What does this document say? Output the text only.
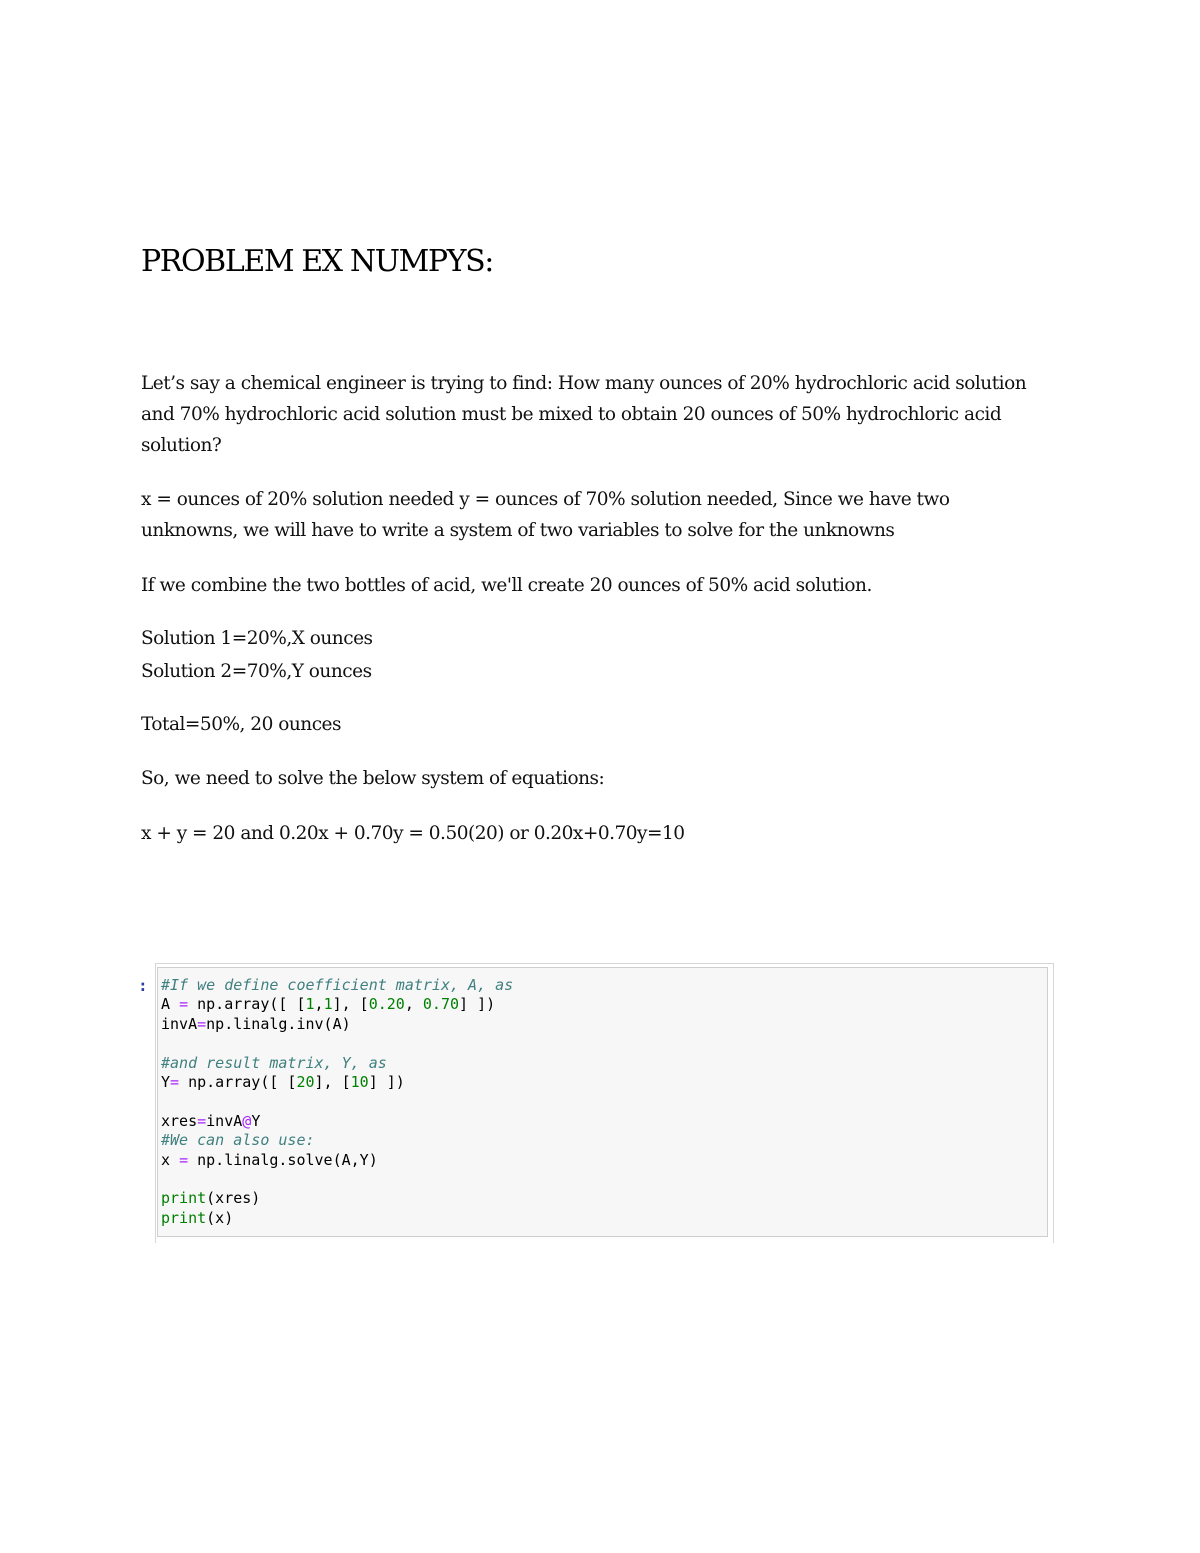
PROBLEM EX NUMPYS:
Let’s say a chemical engineer is trying to find: How many ounces of 20% hydrochloric acid solution and 70% hydrochloric acid solution must be mixed to obtain 20 ounces of 50% hydrochloric acid solution?
x = ounces of 20% solution needed y = ounces of 70% solution needed, Since we have two unknowns, we will have to write a system of two variables to solve for the unknowns
If we combine the two bottles of acid, we'll create 20 ounces of 50% acid solution.
Solution 1=20%,X ounces
Solution 2=70%,Y ounces
Total=50%, 20 ounces
So, we need to solve the below system of equations:
x + y = 20 and 0.20x + 0.70y = 0.50(20) or 0.20x+0.70y=10
: #If we define coefficient matrix, A, as
A = np.array([ [1,1], [0.20, 0.70] ])
invA=np.linalg.inv(A)

#and result matrix, Y, as
Y= np.array([ [20], [10] ])

xres=invA@Y
#We can also use:
x = np.linalg.solve(A,Y)

print(xres)
print(x)
